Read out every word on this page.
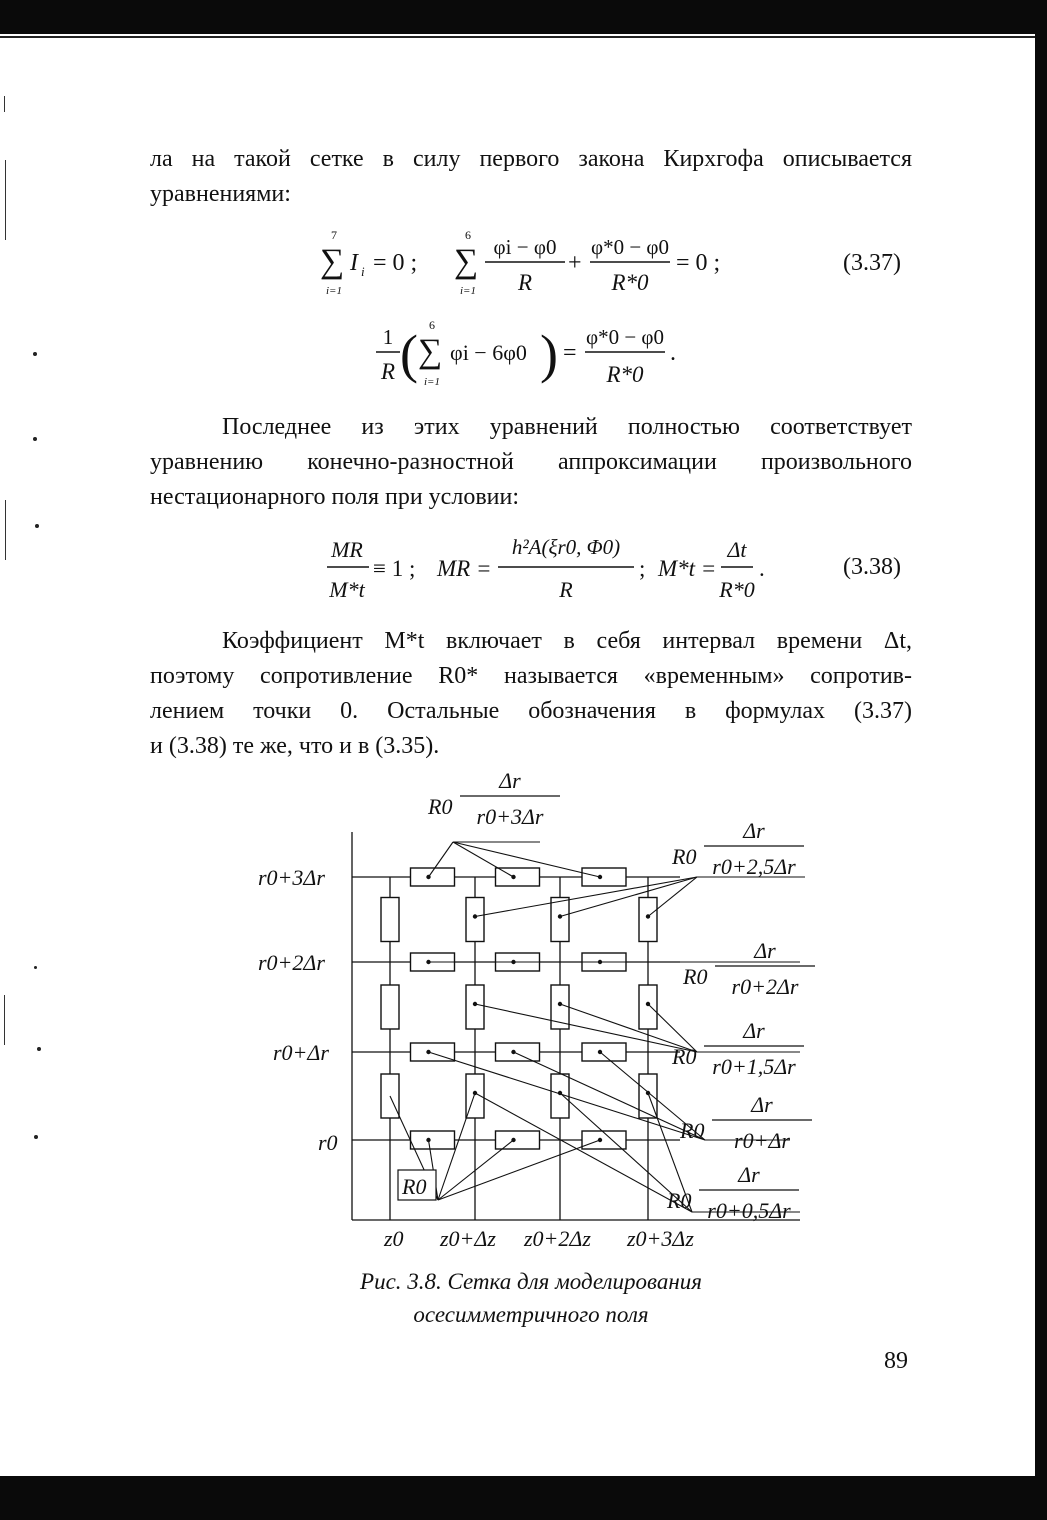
ла на такой сетке в силу первого закона Кирхгофа описывается
уравнениями:

7
∑
i=1
I i = 0 ;
6
∑
i=1
φi − φ0
R
+
φ*0 − φ0
R*0
= 0 ;
1
R ( 6
∑
i=1
φi − 6φ0 ) =
φ*0 − φ0
R*0
.
(3.37)

Последнее из этих уравнений полностью соответствует
уравнению конечно-разностной аппроксимации произвольного
нестационарного поля при условии:

MR
M*t
≡ 1 ; MR =
h²A(ξr0, Φ0)
R
; M*t =
Δt
R*0
.	(3.38)

Коэффициент M*t включает в себя интервал времени Δt,
поэтому сопротивление R0* называется «временным» сопротив-
лением точки 0. Остальные обозначения в формулах (3.37)
и (3.38) те же, что и в (3.35).

r0+3Δr
r0+2Δr
r0+Δr
r0
z0 z0+Δz z0+2Δz z0+3Δz
R0
R0
Δr
r0+3Δr
R0
Δr
r0+2,5Δr
R0
Δr
r0+2Δr
R0
Δr
r0+1,5Δr
R0
Δr
r0+Δr
R0
Δr
r0+0,5Δr
Рис. 3.8. Сетка для моделирования
осесимметричного поля
89
